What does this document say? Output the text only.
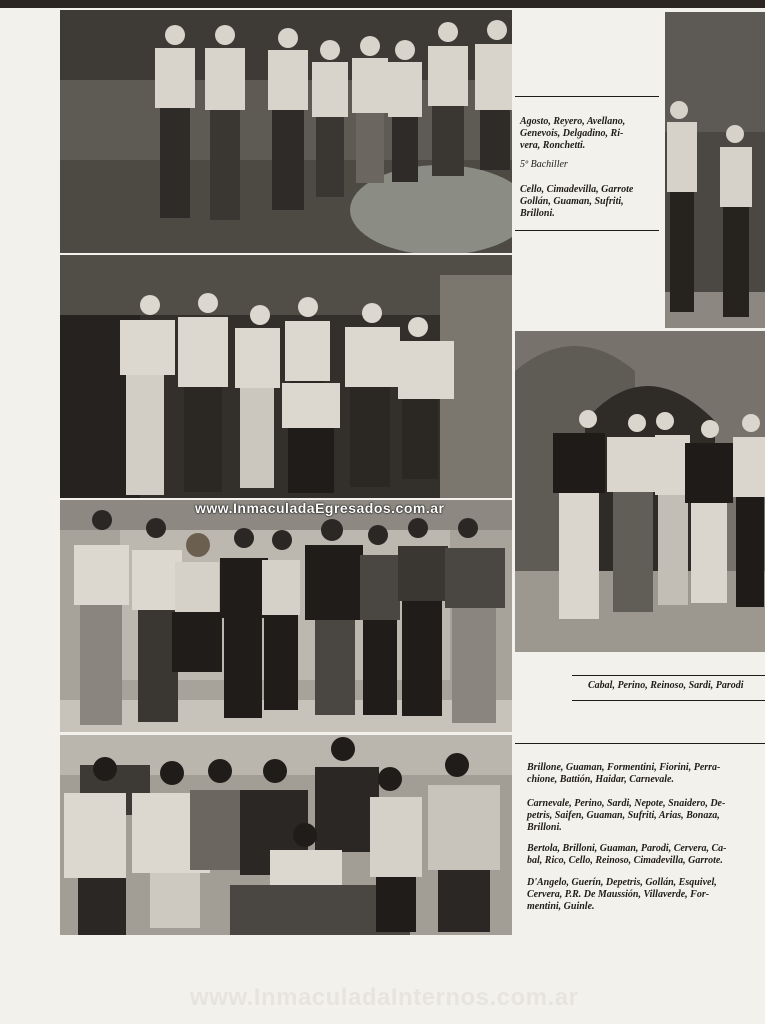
Agosto, Reyero, Avellano,
Genevois, Delgadino, Ri-
vera, Ronchetti.
5º Bachiller
Cello, Cimadevilla, Garrote
Gollán, Guaman, Sufriti,
Brilloni.
Cabal, Perino, Reinoso, Sardi, Parodi
Brillone, Guaman, Formentini, Fiorini, Perra-
chione, Battión, Haidar, Carnevale.
Carnevale, Perino, Sardi, Nepote, Snaidero, De-
petris, Saifen, Guaman, Sufriti, Arias, Bonaza,
Brilloni.
Bertola, Brilloni, Guaman, Parodi, Cervera, Ca-
bal, Rico, Cello, Reinoso, Cimadevilla, Garrote.
D'Angelo, Guerín, Depetris, Gollán, Esquivel,
Cervera, P.R. De Maussión, Villaverde, For-
mentini, Guinle.
www.InmaculadaEgresados.com.ar
www.InmaculadaInternos.com.ar
